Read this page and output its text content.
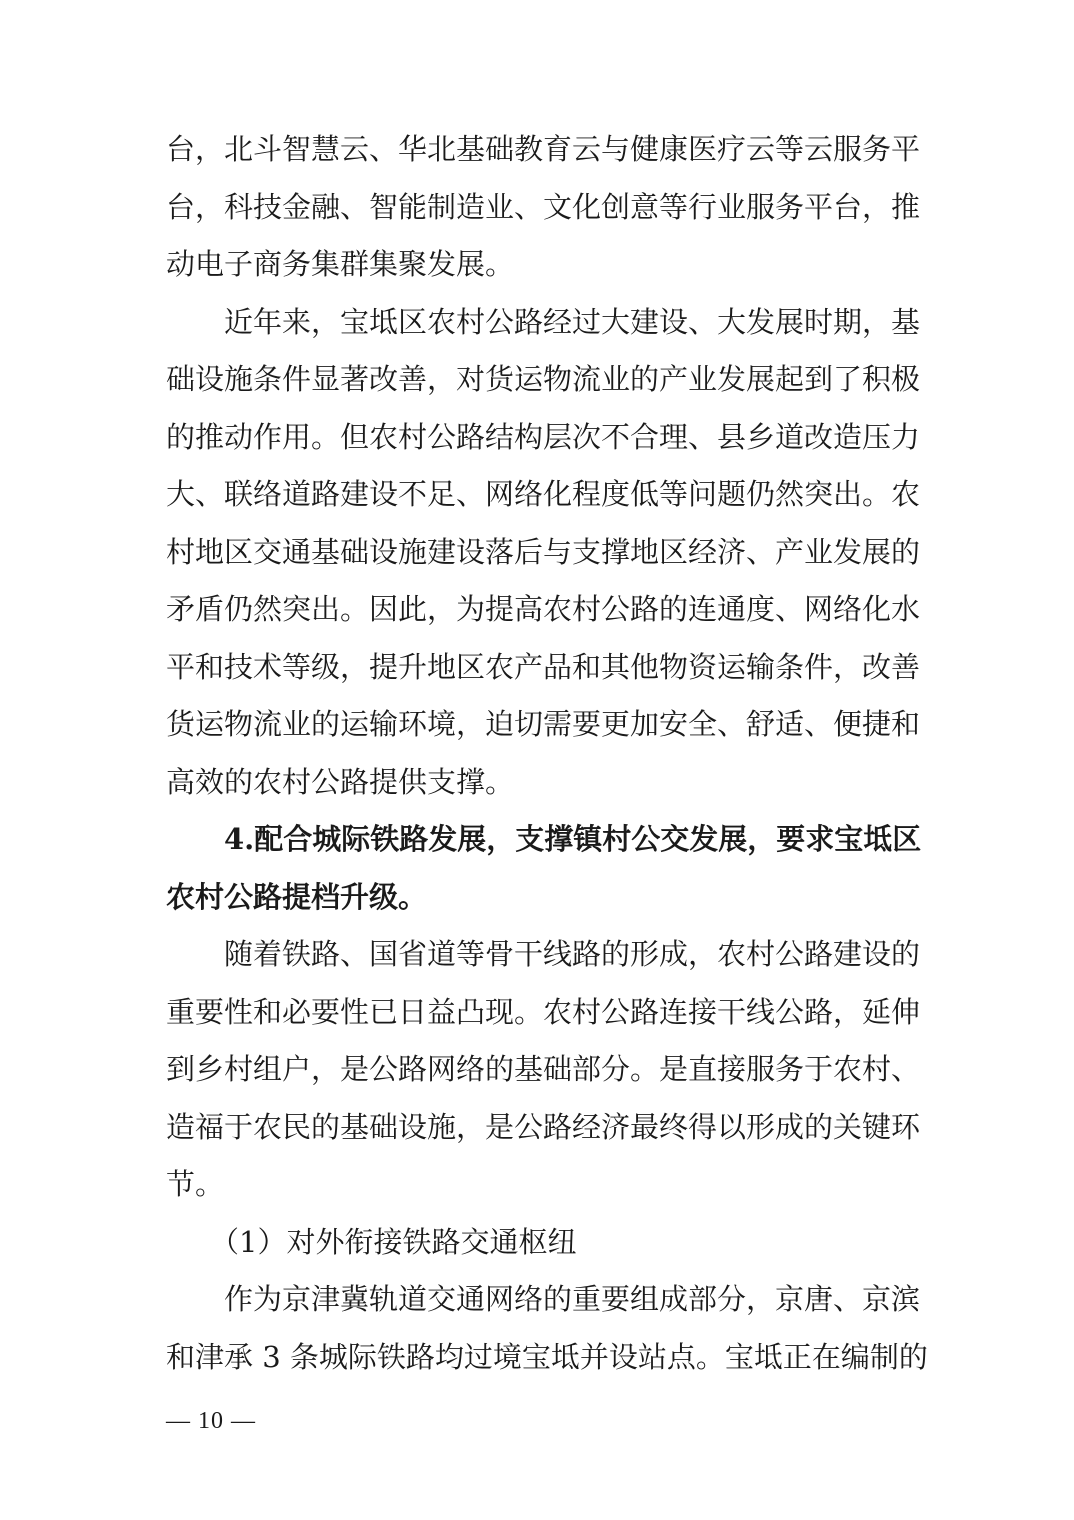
台，北斗智慧云、华北基础教育云与健康医疗云等云服务平
台，科技金融、智能制造业、文化创意等行业服务平台，推
动电子商务集群集聚发展。
近年来，宝坻区农村公路经过大建设、大发展时期，基
础设施条件显著改善，对货运物流业的产业发展起到了积极
的推动作用。但农村公路结构层次不合理、县乡道改造压力
大、联络道路建设不足、网络化程度低等问题仍然突出。农
村地区交通基础设施建设落后与支撑地区经济、产业发展的
矛盾仍然突出。因此，为提高农村公路的连通度、网络化水
平和技术等级，提升地区农产品和其他物资运输条件，改善
货运物流业的运输环境，迫切需要更加安全、舒适、便捷和
高效的农村公路提供支撑。
4.配合城际铁路发展，支撑镇村公交发展，要求宝坻区
农村公路提档升级。
随着铁路、国省道等骨干线路的形成，农村公路建设的
重要性和必要性已日益凸现。农村公路连接干线公路，延伸
到乡村组户，是公路网络的基础部分。是直接服务于农村、
造福于农民的基础设施，是公路经济最终得以形成的关键环
节。
（1）对外衔接铁路交通枢纽
作为京津冀轨道交通网络的重要组成部分，京唐、京滨
和津承 3 条城际铁路均过境宝坻并设站点。宝坻正在编制的
— 10 —
